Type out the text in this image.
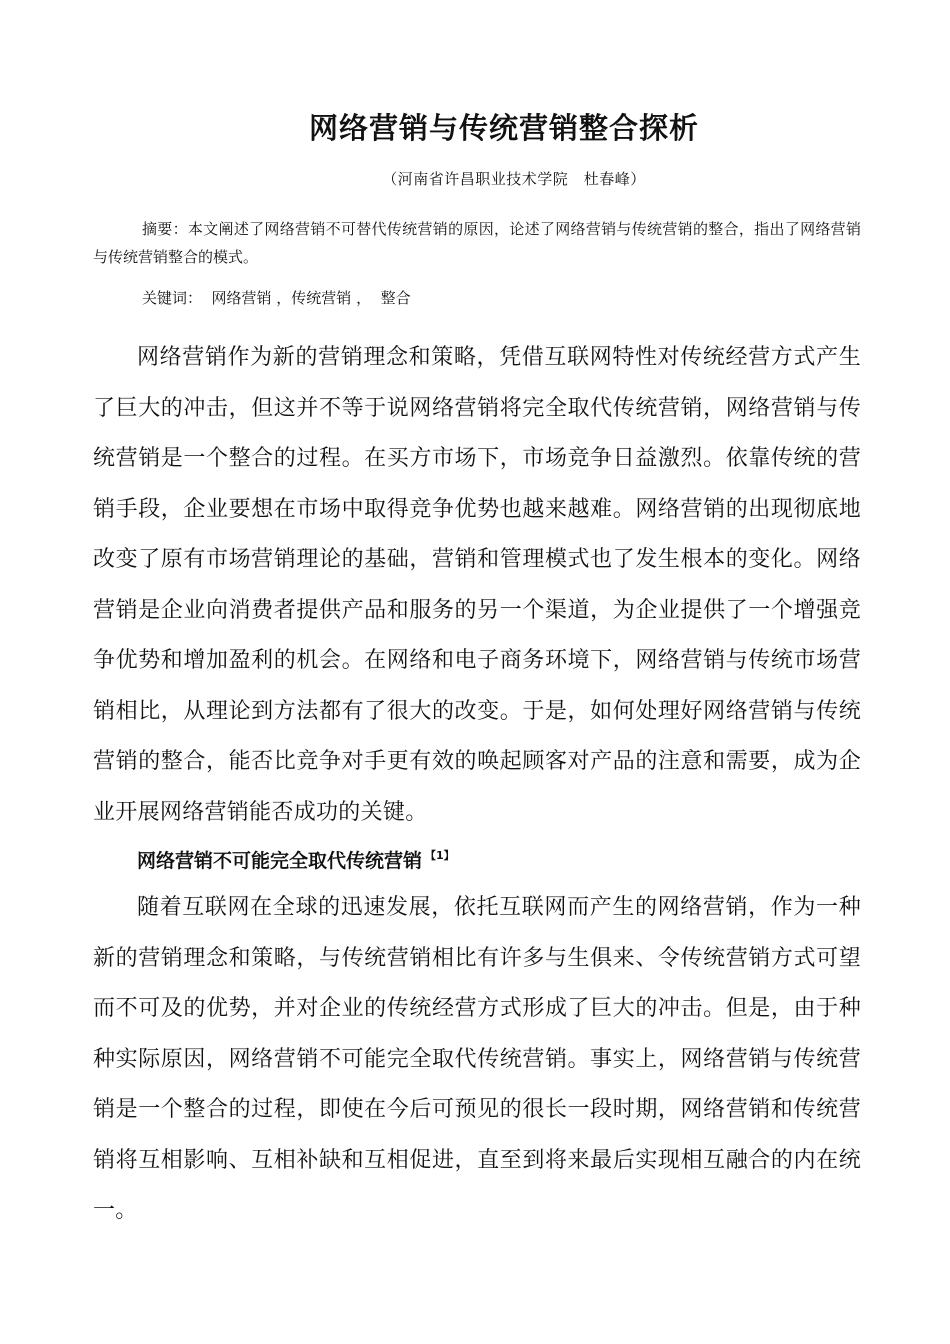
网络营销与传统营销整合探析
（河南省许昌职业技术学院　杜春峰）
摘要：本文阐述了网络营销不可替代传统营销的原因，论述了网络营销与传统营销的整合，指出了网络营销与传统营销整合的模式。
关键词：  网络营销 ，传统营销 ，  整合
网络营销作为新的营销理念和策略，凭借互联网特性对传统经营方式产生了巨大的冲击，但这并不等于说网络营销将完全取代传统营销，网络营销与传统营销是一个整合的过程。在买方市场下，市场竞争日益激烈。依靠传统的营销手段，企业要想在市场中取得竞争优势也越来越难。网络营销的出现彻底地改变了原有市场营销理论的基础，营销和管理模式也了发生根本的变化。网络营销是企业向消费者提供产品和服务的另一个渠道，为企业提供了一个增强竞争优势和增加盈利的机会。在网络和电子商务环境下，网络营销与传统市场营销相比，从理论到方法都有了很大的改变。于是，如何处理好网络营销与传统营销的整合，能否比竞争对手更有效的唤起顾客对产品的注意和需要，成为企业开展网络营销能否成功的关键。
网络营销不可能完全取代传统营销 $^{【1】}$
随着互联网在全球的迅速发展，依托互联网而产生的网络营销，作为一种新的营销理念和策略，与传统营销相比有许多与生俱来、令传统营销方式可望而不可及的优势，并对企业的传统经营方式形成了巨大的冲击。但是，由于种种实际原因，网络营销不可能完全取代传统营销。事实上，网络营销与传统营销是一个整合的过程，即使在今后可预见的很长一段时期，网络营销和传统营销将互相影响、互相补缺和互相促进，直至到将来最后实现相互融合的内在统一。
